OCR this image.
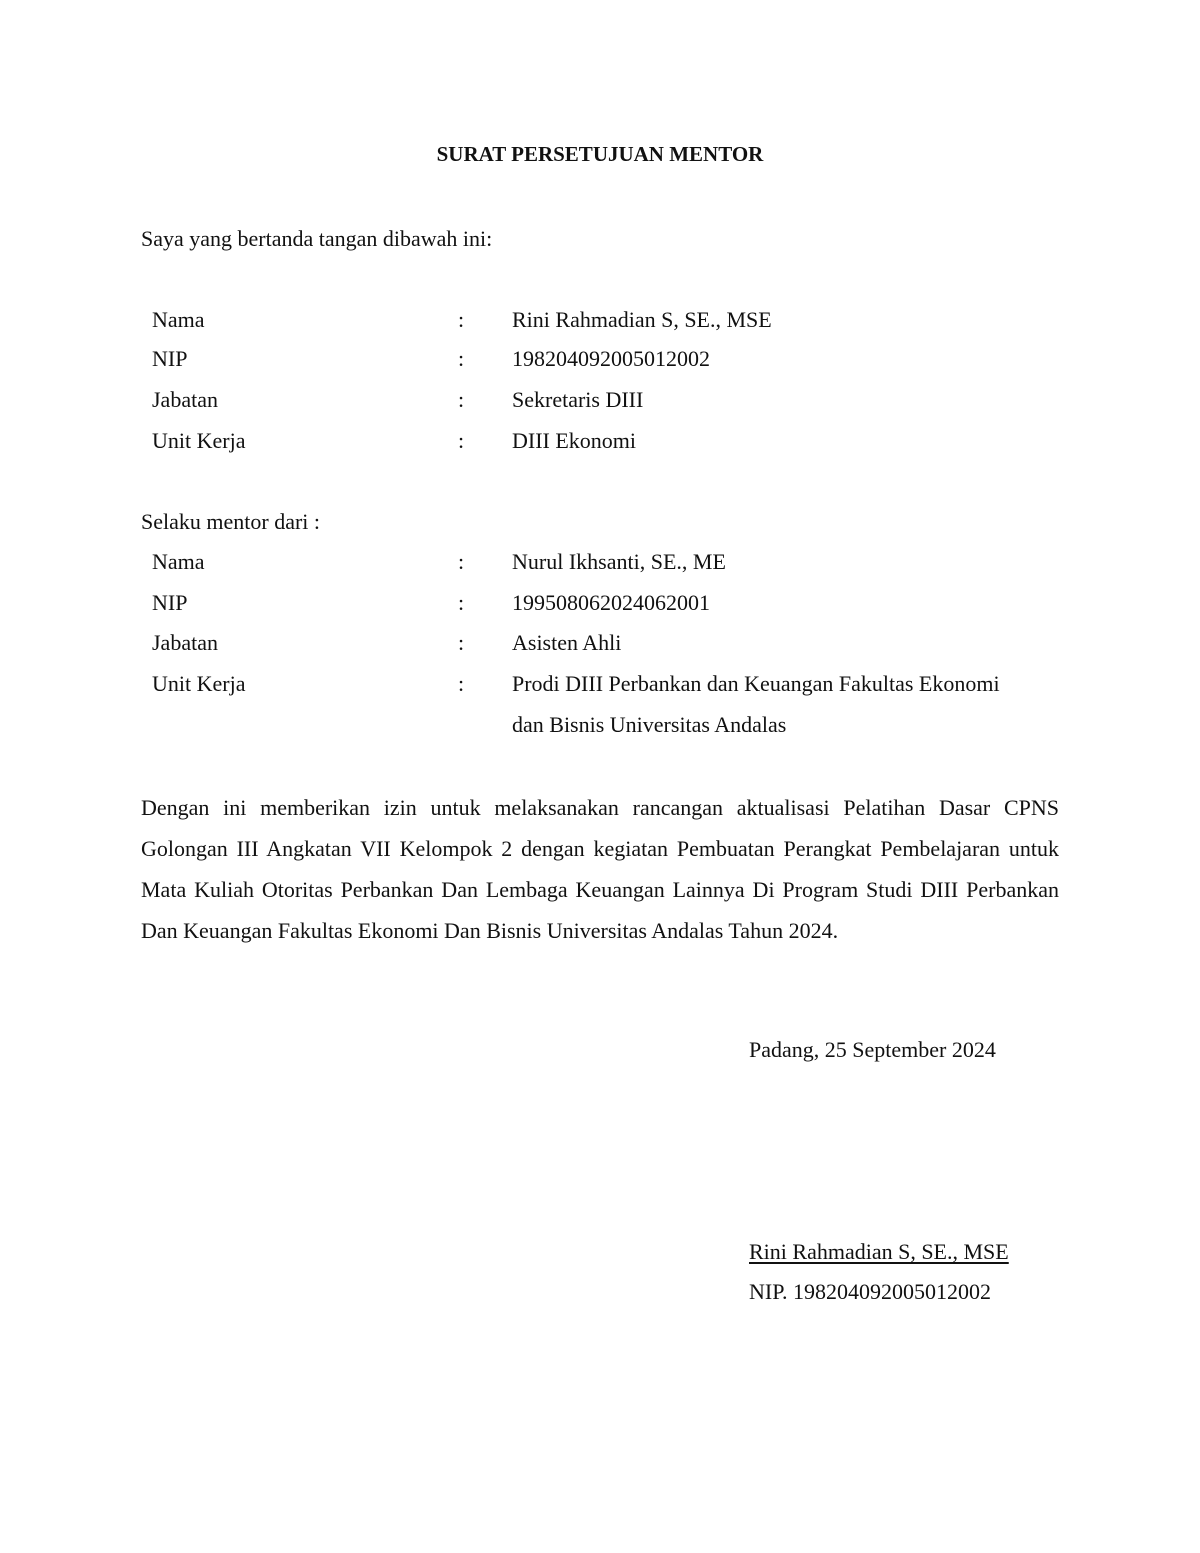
SURAT PERSETUJUAN MENTOR
Saya yang bertanda tangan dibawah ini:
Nama	: Rini Rahmadian S, SE., MSE
NIP	: 198204092005012002
Jabatan	: Sekretaris DIII
Unit Kerja	: DIII Ekonomi
Selaku mentor dari :
Nama	: Nurul Ikhsanti, SE., ME
NIP	: 199508062024062001
Jabatan	: Asisten Ahli
Unit Kerja	: Prodi DIII Perbankan dan Keuangan Fakultas Ekonomi
dan Bisnis Universitas Andalas
Dengan ini memberikan izin untuk melaksanakan rancangan aktualisasi Pelatihan Dasar CPNS Golongan III Angkatan VII Kelompok 2 dengan kegiatan Pembuatan Perangkat Pembelajaran untuk Mata Kuliah Otoritas Perbankan Dan Lembaga Keuangan Lainnya Di Program Studi DIII Perbankan Dan Keuangan Fakultas Ekonomi Dan Bisnis Universitas Andalas Tahun 2024.
Padang, 25 September 2024
Rini Rahmadian S, SE., MSE
NIP. 198204092005012002
